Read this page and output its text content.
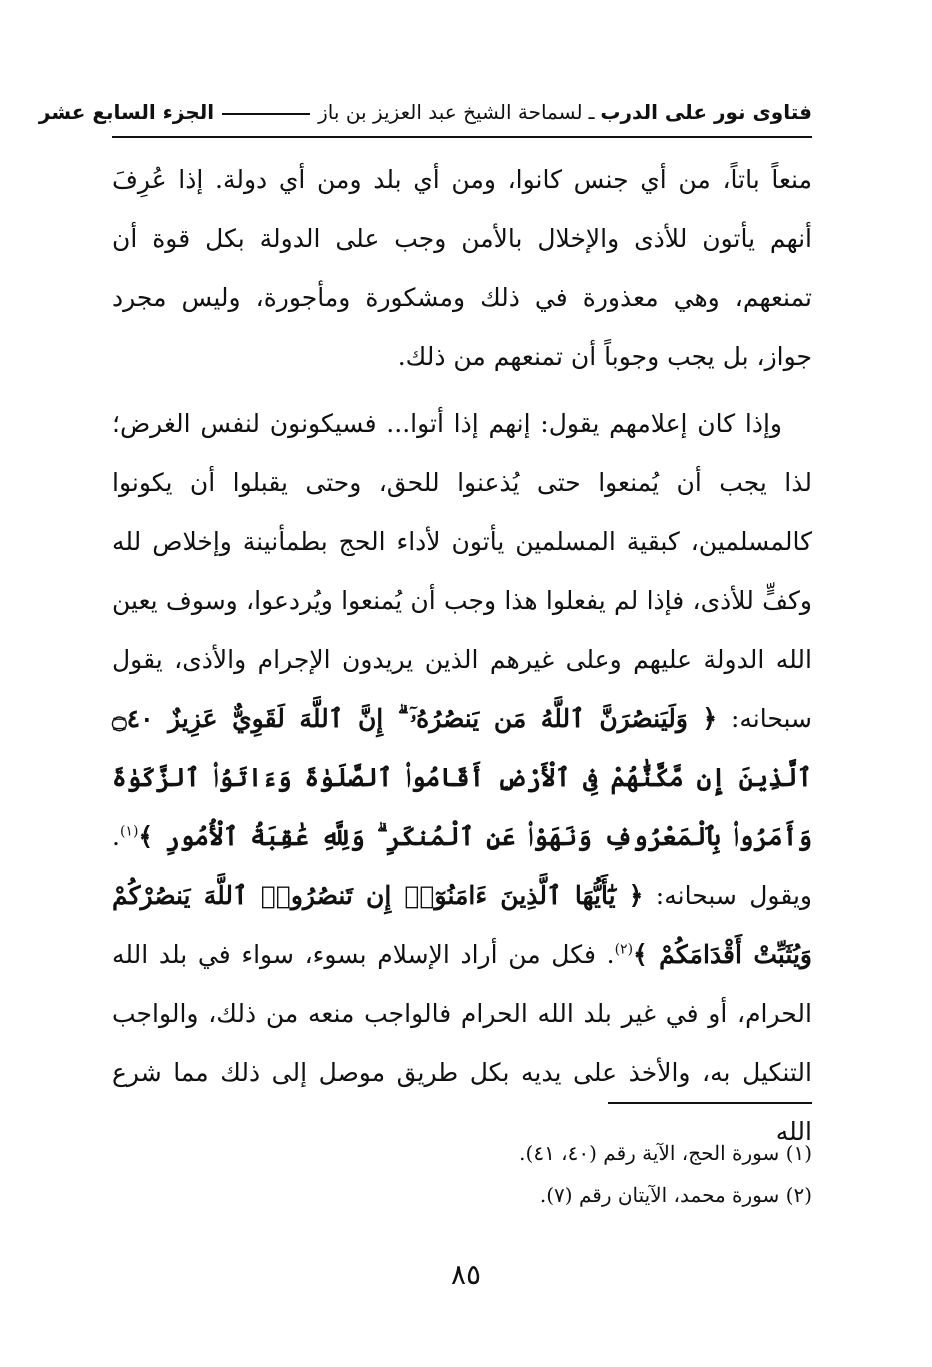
فتاوى نور على الدرب
ـ
لسماحة الشيخ عبد العزيز بن باز
الجزء السابع عشر

منعاً باتاً، من أي جنس كانوا، ومن أي بلد ومن أي دولة. إذا عُرِفَ أنهم يأتون للأذى والإخلال بالأمن وجب على الدولة بكل قوة أن تمنعهم، وهي معذورة في ذلك ومشكورة ومأجورة، وليس مجرد جواز، بل يجب وجوباً أن تمنعهم من ذلك.

وإذا كان إعلامهم يقول: إنهم إذا أتوا... فسيكونون لنفس الغرض؛ لذا يجب أن يُمنعوا حتى يُذعنوا للحق، وحتى يقبلوا أن يكونوا كالمسلمين، كبقية المسلمين يأتون لأداء الحج بطمأنينة وإخلاص لله وكفٍّ للأذى، فإذا لم يفعلوا هذا وجب أن يُمنعوا ويُردعوا، وسوف يعين الله الدولة عليهم وعلى غيرهم الذين يريدون الإجرام والأذى، يقول سبحانه: ﴿ وَلَيَنصُرَنَّ ٱللَّهُ مَن يَنصُرُهُۥٓ ۗ إِنَّ ٱللَّهَ لَقَوِيٌّ عَزِيزٌ ۝٤٠ ٱلَّذِينَ إِن مَّكَّنَّٰهُمْ فِى ٱلْأَرْضِ أَقَامُوا۟ ٱلصَّلَوٰةَ وَءَاتَوُا۟ ٱلزَّكَوٰةَ وَأَمَرُوا۟ بِٱلْمَعْرُوفِ وَنَهَوْا۟ عَنِ ٱلْمُنكَرِ ۗ وَلِلَّهِ عَٰقِبَةُ ٱلْأُمُورِ ﴾$^{(١)}$. ويقول سبحانه: ﴿ يَٰٓأَيُّهَا ٱلَّذِينَ ءَامَنُوٓا۟ إِن تَنصُرُوا۟ ٱللَّهَ يَنصُرْكُمْ وَيُثَبِّتْ أَقْدَامَكُمْ ﴾$^{(٢)}$. فكل من أراد الإسلام بسوء، سواء في بلد الله الحرام، أو في غير بلد الله الحرام فالواجب منعه من ذلك، والواجب التنكيل به، والأخذ على يديه بكل طريق موصل إلى ذلك مما شرع الله

(١) سورة الحج، الآية رقم (٤٠، ٤١).
(٢) سورة محمد، الآيتان رقم (٧).
٨٥
